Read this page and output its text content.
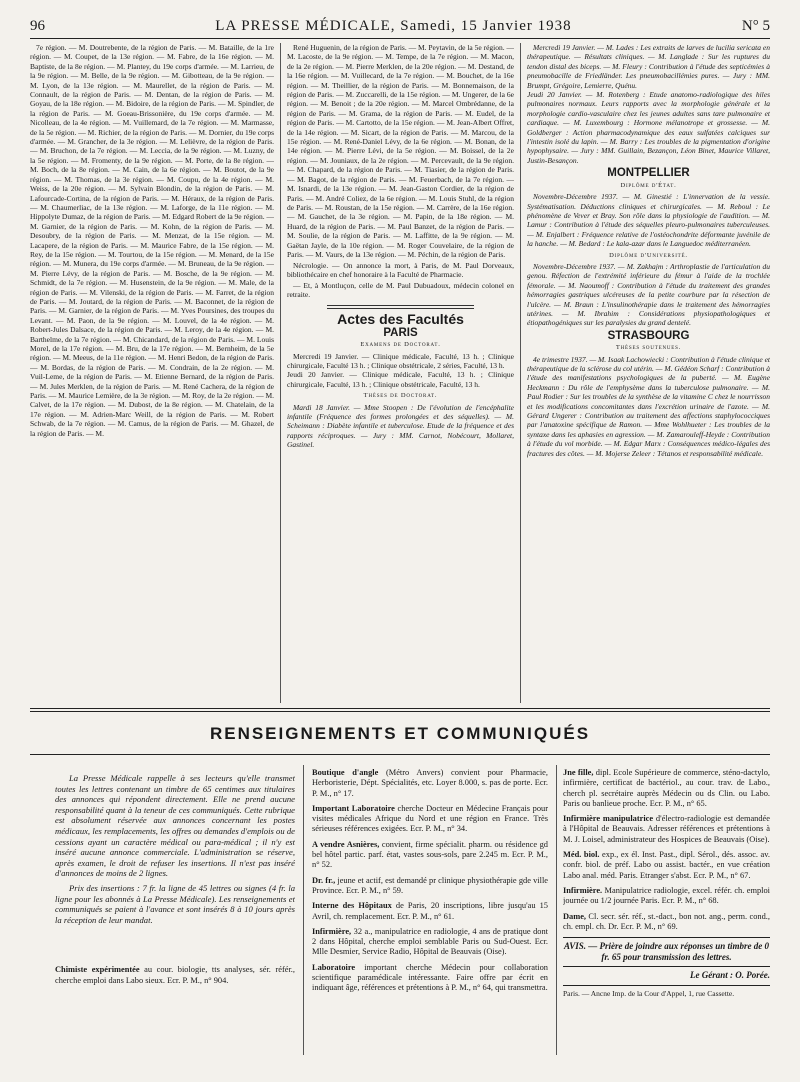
96	LA PRESSE MÉDICALE, Samedi, 15 Janvier 1938	N° 5

7e région. — M. Doutrebente, de la région de Paris. — M. Bataille, de la 1re région. — M. Coupet, de la 13e région. — M. Fabre, de la 16e région. — M. Baptiste, de la 8e région. — M. Plantey, du 19e corps d'armée. — M. Larrieu, de la 9e région. — M. Belle, de la 9e région. — M. Gibotteau, de la 9e région. — M. Lyon, de la 13e région. — M. Maurellet, de la région de Paris. — M. Connault, de la région de Paris. — M. Dentan, de la région de Paris. — M. Goyau, de la 18e région. — M. Bidoire, de la région de Paris. — M. Spindler, de la région de Paris. — M. Goeau-Brissonière, du 19e corps d'armée. — M. Nicolleau, de la 4e région. — M. Vuillemard, de la 7e région. — M. Marmasse, de la 5e région. — M. Richier, de la région de Paris. — M. Dornier, du 19e corps d'armée. — M. Grancher, de la 3e région. — M. Lelièvre, de la région de Paris. — M. Bruchon, de la 7e région. — M. Leccia, de la 9e région. — M. Luzny, de la 5e région. — M. Fromenty, de la 9e région. — M. Porte, de la 8e région. — M. Boch, de la 8e région. — M. Cain, de la 6e région. — M. Boutot, de la 9e région. — M. Thomas, de la 3e région. — M. Coupu, de la 4e région. — M. Weiss, de la 20e région. — M. Sylvain Blondin, de la région de Paris. — M. Lafourcade-Cortina, de la région de Paris. — M. Héraux, de la région de Paris. — M. Chaumerliac, de la 13e région. — M. Laforge, de la 11e région. — M. Hippolyte Dumaz, de la région de Paris. — M. Edgard Robert de la 9e région. — M. Garnier, de la région de Paris. — M. Kohn, de la région de Paris. — M. Desoubry, de la région de Paris. — M. Menzat, de la 15e région. — M. Lacapere, de la région de Paris. — M. Maurice Fabre, de la 15e région. — M. Rey, de la 15e région. — M. Tourtou, de la 15e région. — M. Menard, de la 15e région. — M. Munera, du 19e corps d'armée. — M. Bruneau, de la 9e région. — M. Pierre Lévy, de la région de Paris. — M. Bosche, de la 9e région. — M. Schmidt, de la 7e région. — M. Husenstein, de la 9e région. — M. Male, de la région de Paris. — M. Vilenski, de la région de Paris. — M. Farret, de la région de Paris. — M. Joutard, de la région de Paris. — M. Baconnet, de la région de Paris. — M. Garnier, de la région de Paris. — M. Yves Poursines, des troupes du Levant. — M. Paon, de la 9e région. — M. Louvel, de la 4e région. — M. Robert-Jules Dalsace, de la région de Paris. — M. Leroy, de la 4e région. — M. Barthelme, de la 7e région. — M. Chicandard, de la région de Paris. — M. Louis Morel, de la 17e région. — M. Bru, de la 17e région. — M. Bernheim, de la 5e région. — M. Meeus, de la 11e région. — M. Henri Bedon, de la région de Paris. — M. Bordas, de la région de Paris. — M. Condrain, de la 2e région. — M. Vuil-Leme, de la région de Paris. — M. Etienne Bernard, de la région de Paris. — M. Jules Merklen, de la région de Paris. — M. René Cachera, de la région de Paris. — M. Maurice Lemière, de la 3e région. — M. Roy, de la 2e région. — M. Calvet, de la 17e région. — M. Dubost, de la 8e région. — M. Chatelain, de la 17e région. — M. Adrien-Marc Weill, de la région de Paris. — M. Robert Schwab, de la 7e région. — M. Camus, de la région de Paris. — M. Ghazel, de la région de Paris. — M.

René Huguenin, de la région de Paris. — M. Peytavin, de la 5e région. — M. Lacoste, de la 9e région. — M. Tempe, de la 7e région. — M. Macon, de la 2e région. — M. Pierre Merklen, de la 20e région. — M. Destand, de la 16e région. — M. Vuillecard, de la 7e région. — M. Bouchet, de la 16e région. — M. Theillier, de la région de Paris. — M. Bonnemaison, de la région de Paris. — M. Zuccarelli, de la 15e région. — M. Ungerer, de la 6e région. — M. Benoit ; de la 20e région. — M. Marcel Ombrédanne, de la région de Paris. — M. Grama, de la région de Paris. — M. Eudel, de la région de Paris. — M. Cartotto, de la 15e région. — M. Jean-Albert Offret, de la 14e région. — M. Sicart, de la région de Paris. — M. Marcou, de la 15e région. — M. René-Daniel Lévy, de la 6e région. — M. Bonan, de la 14e région. — M. Pierre Lévi, de la 5e région. — M. Boissel, de la 2e région. — M. Jouniaux, de la 2e région. — M. Percevault, de la 9e région. — M. Chapard, de la région de Paris. — M. Tiasier, de la région de Paris. — M. Bagot, de la région de Paris. — M. Feuerbach, de la 7e région. — M. Isnardi, de la 13e région. — M. Jean-Gaston Cordier, de la région de Paris. — M. André Coliez, de la 6e région. — M. Louis Stuhl, de la région de Paris. — M. Roustan, de la 15e région. — M. Carrère, de la 16e région. — M. Gauchet, de la 3e région. — M. Papin, de la 18e région. — M. Huard, de la région de Paris. — M. Paul Banzet, de la région de Paris. — M. Soulie, de la région de Paris. — M. Laffitte, de la 9e région. — M. Gaëtan Jayle, de la 10e région. — M. Roger Couvelaire, de la région de Paris. — M. Vaurs, de la 13e région. — M. Péchin, de la région de Paris.

Nécrologie. — On annonce la mort, à Paris, de M. Paul Dorveaux, bibliothécaire en chef honoraire à la Faculté de Pharmacie.

— Et, à Montluçon, celle de M. Paul Dubuadoux, médecin colonel en retraite.

Actes des Facultés
PARIS
Examens de Doctorat.

Mercredi 19 Janvier. — Clinique médicale, Faculté, 13 h. ; Clinique chirurgicale, Faculté 13 h. ; Clinique obstétricale, 2 séries, Faculté, 13 h.
Jeudi 20 Janvier. — Clinique médicale, Faculté, 13 h. ; Clinique chirurgicale, Faculté, 13 h. ; Clinique obstétricale, Faculté, 13 h.

Thèses de Doctorat.

Mardi 18 Janvier. — Mme Stoopen : De l'évolution de l'encéphalite infantile (Fréquence des formes prolongées et des séquelles). — M. Scheimann : Diabète infantile et tuberculose. Etude de la fréquence et des rapports réciproques. — Jury : MM. Carnot, Nobécourt, Mollaret, Gastinel.

Mercredi 19 Janvier. — M. Lades : Les extraits de larves de lucilia sericata en thérapeutique. — Résultats cliniques. — M. Langlade : Sur les ruptures du tendon distal des biceps. — M. Fleury : Contribution à l'étude des septicémies à pneumobacille de Friedländer. Les pneumobacillémies pures. — Jury : MM. Brumpt, Grégoire, Lemierre, Quénu.
Jeudi 20 Janvier. — M. Rotenberg : Etude anatomo-radiologique des hiles pulmonaires normaux. Leurs rapports avec la morphologie générale et la morphologie cardio-vasculaire chez les jeunes adultes sans tare pulmonaire et cardiaque. — M. Luxembourg : Hormone mélanotrope et grossesse. — M. Goldberger : Action pharmacodynamique des eaux sulfatées calciques sur l'intestin isolé du lapin. — M. Barry : Les troubles de la pigmentation d'origine hypophysaire. — Jury : MM. Guillain, Bezançon, Léon Binet, Maurice Villaret, Justin-Besançon.

MONTPELLIER
Diplôme d'État.

Novembre-Décembre 1937. — M. Ginestié : L'innervation de la vessie. Systématisation. Déductions cliniques et chirurgicales. — M. Reboul : Le phénomène de Vever et Bray. Son rôle dans la physiologie de l'audition. — M. Lamur : Contribution à l'étude des séquelles pleuro-pulmonaires tuberculeuses. — M. Enjalbert : Fréquence relative de l'ostéochondrite déformante juvénile de la hanche. — M. Bedard : Le kala-azar dans le Languedoc méditerranéen.

Diplôme d'Université.

Novembre-Décembre 1937. — M. Zakhajm : Arthroplastie de l'articulation du genou. Réfection de l'extrémité inférieure du fémur à l'aide de la trochlée fémorale. — M. Naoumoff : Contribution à l'étude du traitement des grandes hémorragies gastriques ulcéreuses de la petite courbure par la résection de l'ulcère. — M. Braun : L'insulinothérapie dans le traitement des hémorragies utérines. — M. Ibrahim : Considérations physiopathologiques et étiopathogéniques sur les paralysies du grand dentelé.

STRASBOURG
Thèses soutenues.

4e trimestre 1937. — M. Isaak Lachowiecki : Contribution à l'étude clinique et thérapeutique de la sclérose du col utérin. — M. Gédéon Scharf : Contribution à l'étude des manifestations psychologiques de la puberté. — M. Eugène Heckmann : Du rôle de l'emphysème dans la tuberculose pulmonaire. — M. Paul Rodier : Sur les troubles de la synthèse de la vitamine C chez le nourrisson et les modifications concomitantes dans l'excrétion urinaire de l'azote. — M. Gérard Ungerer : Contribution au traitement des affections staphylococciques par l'anatoxine spécifique de Ramon. — Mme Wohlhueter : Les troubles de la syntaxe dans les aphasies en agression. — M. Zamarouleff-Heyde : Contribution à l'étude du vol morbide. — M. Edgar Marx : Conséquences médico-légales des fractures des côtes. — M. Mojerse Zeleer : Tétanos et responsabilité médicale.

RENSEIGNEMENTS ET COMMUNIQUÉS

La Presse Médicale rappelle à ses lecteurs qu'elle transmet toutes les lettres contenant un timbre de 65 centimes aux titulaires des annonces qui répondent directement. Elle ne prend aucune responsabilité quant à la teneur de ces communiqués. Cette rubrique est absolument réservée aux annonces concernant les postes médicaux, les remplacements, les offres ou demandes d'emplois ou de cessions ayant un caractère médical ou para-médical ; il n'y est inséré aucune annonce commerciale. L'administration se réserve, après examen, le droit de refuser les insertions. Il n'est pas inséré d'annonces de moins de 2 lignes.

Prix des insertions : 7 fr. la ligne de 45 lettres ou signes (4 fr. la ligne pour les abonnés à La Presse Médicale). Les renseignements et communiqués se paient à l'avance et sont insérés 8 à 10 jours après la réception de leur mandat.

Chimiste expérimentée au cour. biologie, tts analyses, sér. référ., cherche emploi dans Labo sieux. Ecr. P. M., n° 904.
Boutique d'angle (Métro Anvers) convient pour Pharmacie, Herboristerie, Dépt. Spécialités, etc. Loyer 8.000, s. pas de porte. Ecr. P. M., n° 17.
Important Laboratoire cherche Docteur en Médecine Français pour visites médicales Afrique du Nord et une région en France. Très sérieuses références exigées. Ecr. P. M., n° 34.
A vendre Asnières, convient, firme spécialit. pharm. ou résidence gd bel hôtel partic. parf. état, vastes sous-sols, pare 2.245 m. Ecr. P. M., n° 52.
Dr. fr., jeune et actif, est demandé pr clinique physiothérapie gde ville Province. Ecr. P. M., n° 59.
Interne des Hôpitaux de Paris, 20 inscriptions, libre jusqu'au 15 Avril, ch. remplacement. Ecr. P. M., n° 61.
Infirmière, 32 a., manipulatrice en radiologie, 4 ans de pratique dont 2 dans Hôpital, cherche emploi semblable Paris ou Sud-Ouest. Ecr. Mlle Desmier, Service Radio, Hôpital de Beauvais (Oise).
Laboratoire important cherche Médecin pour collaboration scientifique paramédicale intéressante. Faire offre par écrit en indiquant âge, références et prétentions à P. M., n° 64, qui transmettra.
Jne fille, dipl. Ecole Supérieure de commerce, sténo-dactylo, infirmière, certificat de bactériol., au cour. trav. de Labo., cherch pl. secrétaire auprès Médecin ou ds Clin. ou Labo. Paris ou banlieue proche. Ecr. P. M., n° 65.
Infirmière manipulatrice d'électro-radiologie est demandée à l'Hôpital de Beauvais. Adresser références et prétentions à M. J. Loisel, administrateur des Hospices de Beauvais (Oise).
Méd. biol. exp., ex él. Inst. Past., dipl. Sérol., dés. assoc. av. confr. biol. de préf. Labo ou assist. bactér., en vue création Labo anal. méd. Paris. Etranger s'abst. Ecr. P. M., n° 67.
Infirmière. Manipulatrice radiologie, excel. référ. ch. emploi journée ou 1/2 journée Paris. Ecr. P. M., n° 68.
Dame, Cl. secr. sér. réf., st.-dact., bon not. ang., perm. cond., ch. empl. ch. Dr. Ecr. P. M., n° 69.
AVIS. — Prière de joindre aux réponses un timbre de 0 fr. 65 pour transmission des lettres.
Le Gérant : O. Porée.
Paris. — Ancne Imp. de la Cour d'Appel, 1, rue Cassette.
